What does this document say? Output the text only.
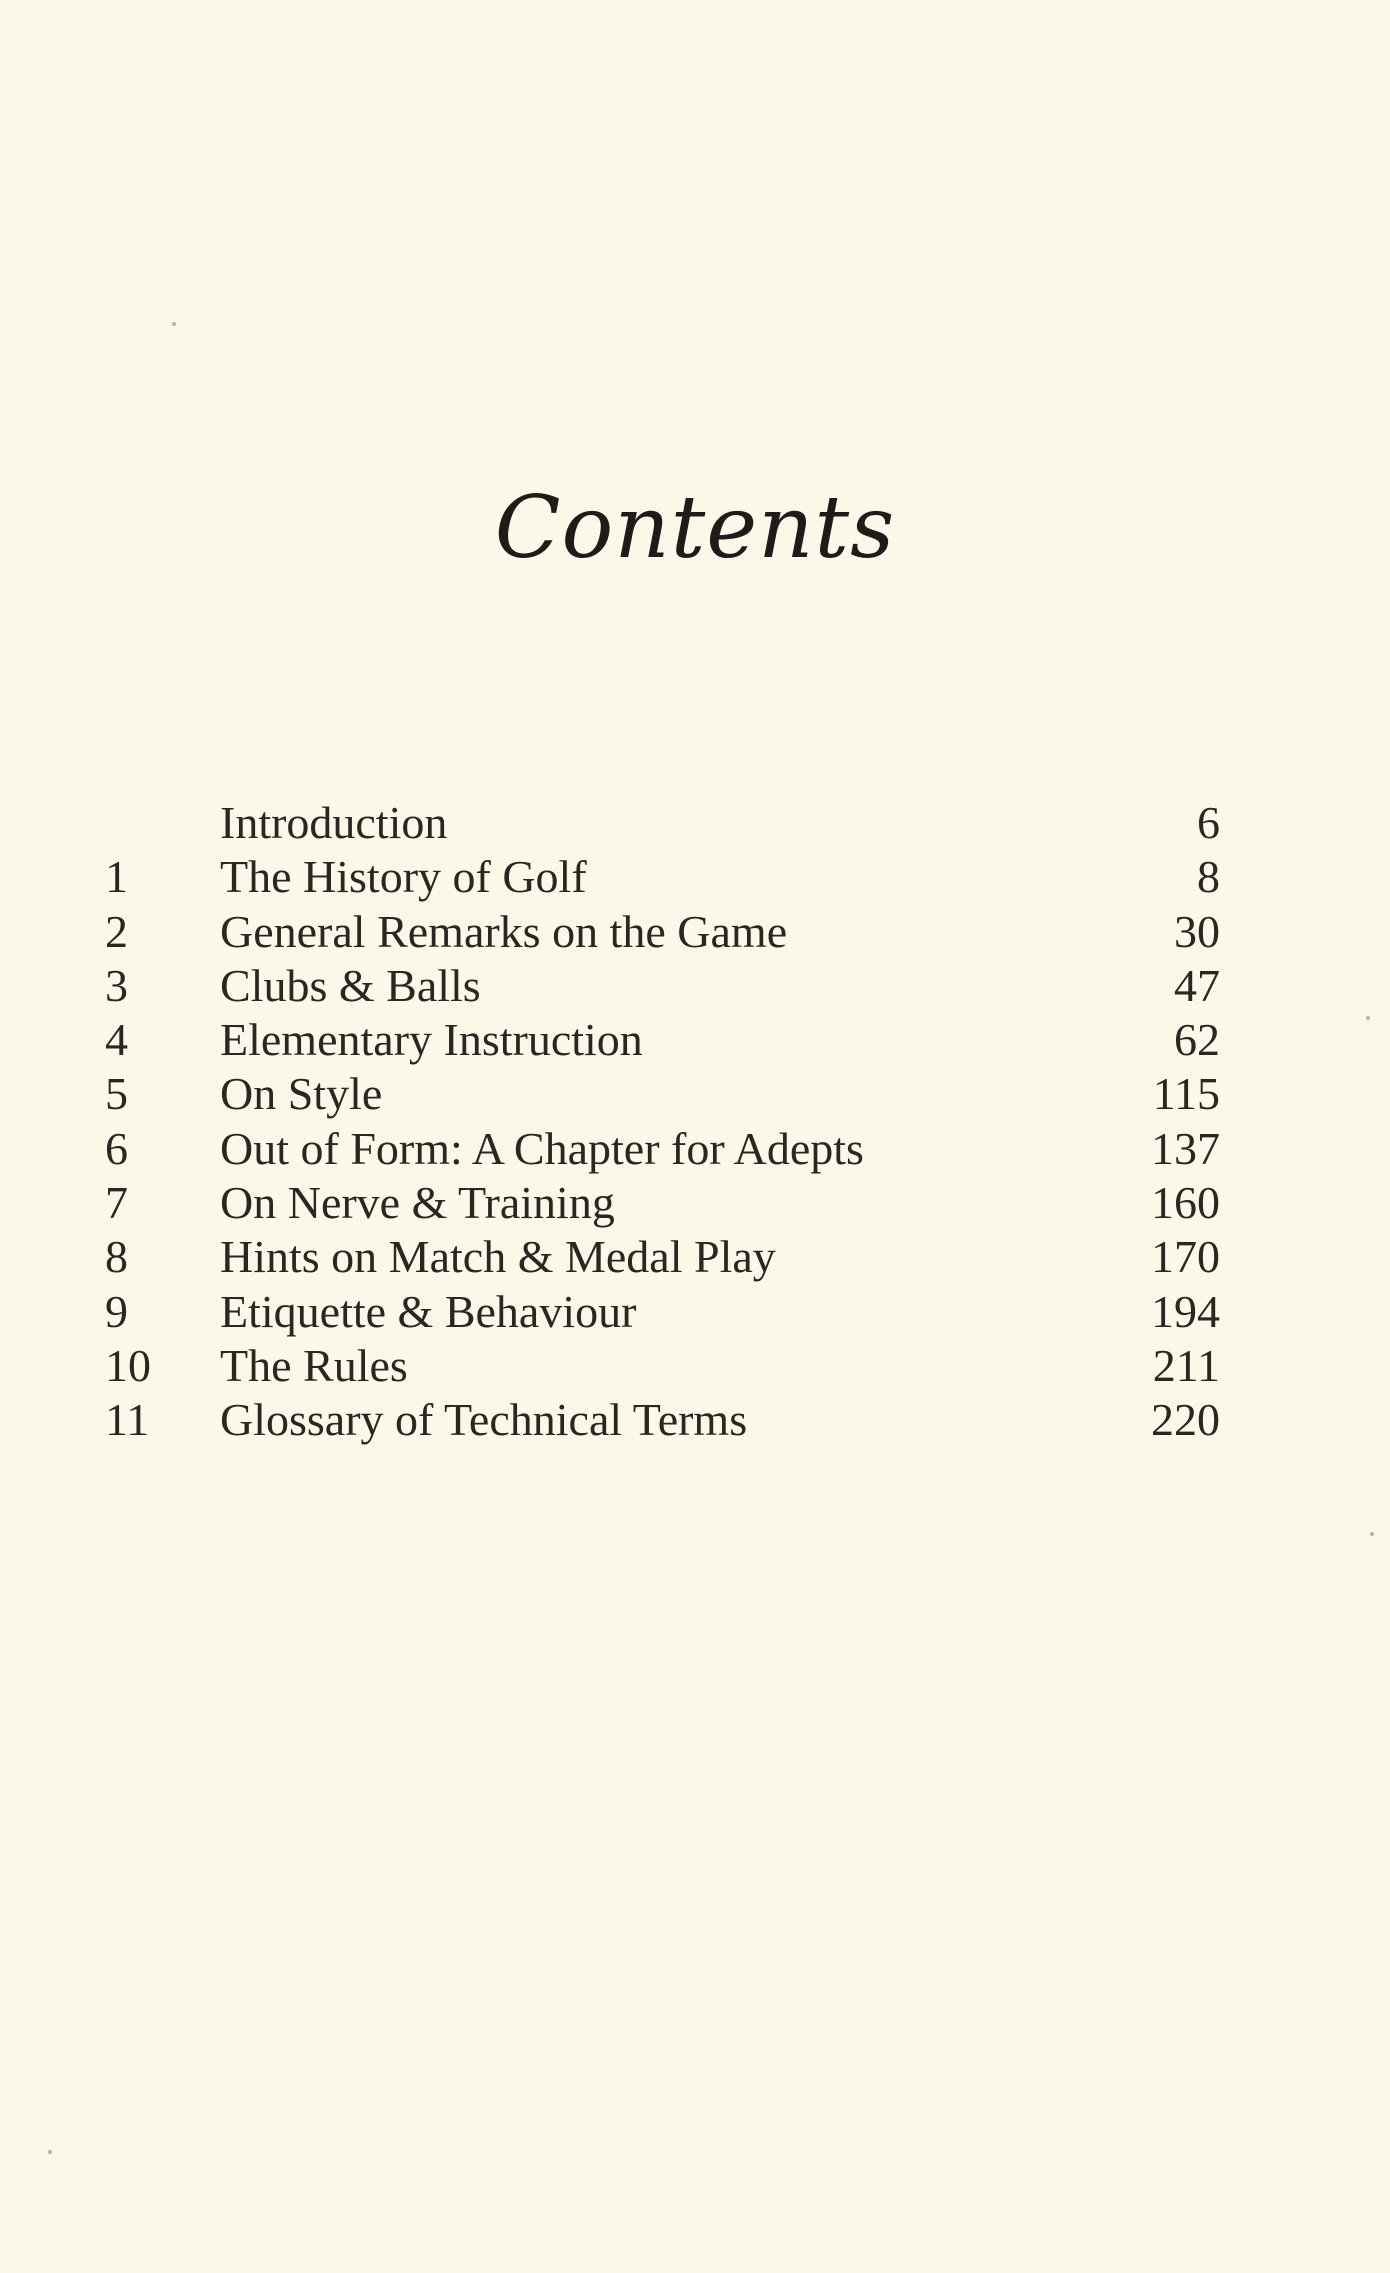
Contents
Introduction	6
1	The History of Golf	8
2	General Remarks on the Game	30
3	Clubs & Balls	47
4	Elementary Instruction	62
5	On Style	115
6	Out of Form: A Chapter for Adepts	137
7	On Nerve & Training	160
8	Hints on Match & Medal Play	170
9	Etiquette & Behaviour	194
10	The Rules	211
11	Glossary of Technical Terms	220
